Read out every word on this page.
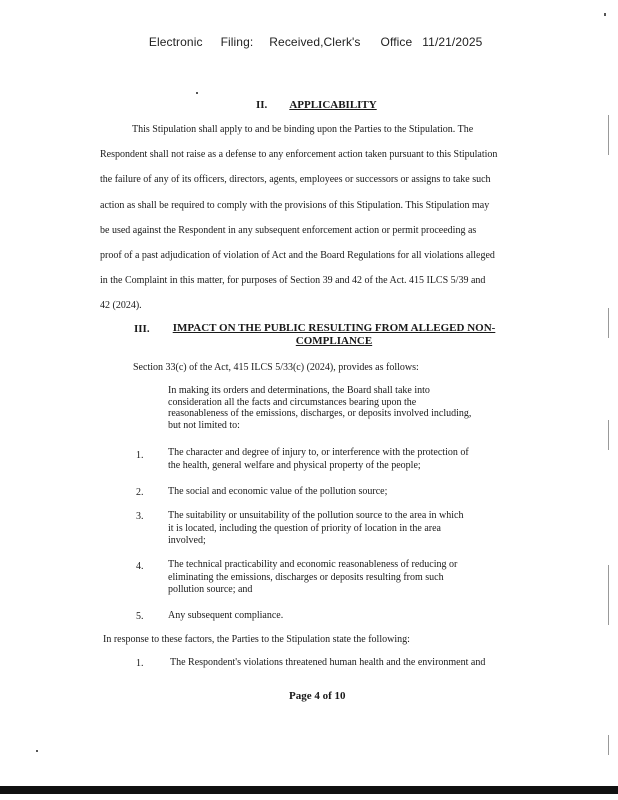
Electronic Filing: Received,Clerk's Office 11/21/2025

II. APPLICABILITY
This Stipulation shall apply to and be binding upon the Parties to the Stipulation. The
Respondent shall not raise as a defense to any enforcement action taken pursuant to this Stipulation
the failure of any of its officers, directors, agents, employees or successors or assigns to take such
action as shall be required to comply with the provisions of this Stipulation. This Stipulation may
be used against the Respondent in any subsequent enforcement action or permit proceeding as
proof of a past adjudication of violation of Act and the Board Regulations for all violations alleged
in the Complaint in this matter, for purposes of Section 39 and 42 of the Act. 415 ILCS 5/39 and
42 (2024).
III.	IMPACT ON THE PUBLIC RESULTING FROM ALLEGED NON-
COMPLIANCE
Section 33(c) of the Act, 415 ILCS 5/33(c) (2024), provides as follows:
In making its orders and determinations, the Board shall take into
consideration all the facts and circumstances bearing upon the
reasonableness of the emissions, discharges, or deposits involved including,
but not limited to:
1. The character and degree of injury to, or interference with the protection of
the health, general welfare and physical property of the people;
2. The social and economic value of the pollution source;
3. The suitability or unsuitability of the pollution source to the area in which
it is located, including the question of priority of location in the area
involved;
4. The technical practicability and economic reasonableness of reducing or
eliminating the emissions, discharges or deposits resulting from such
pollution source; and
5. Any subsequent compliance.
In response to these factors, the Parties to the Stipulation state the following:
1.	The Respondent's violations threatened human health and the environment and
Page 4 of 10
